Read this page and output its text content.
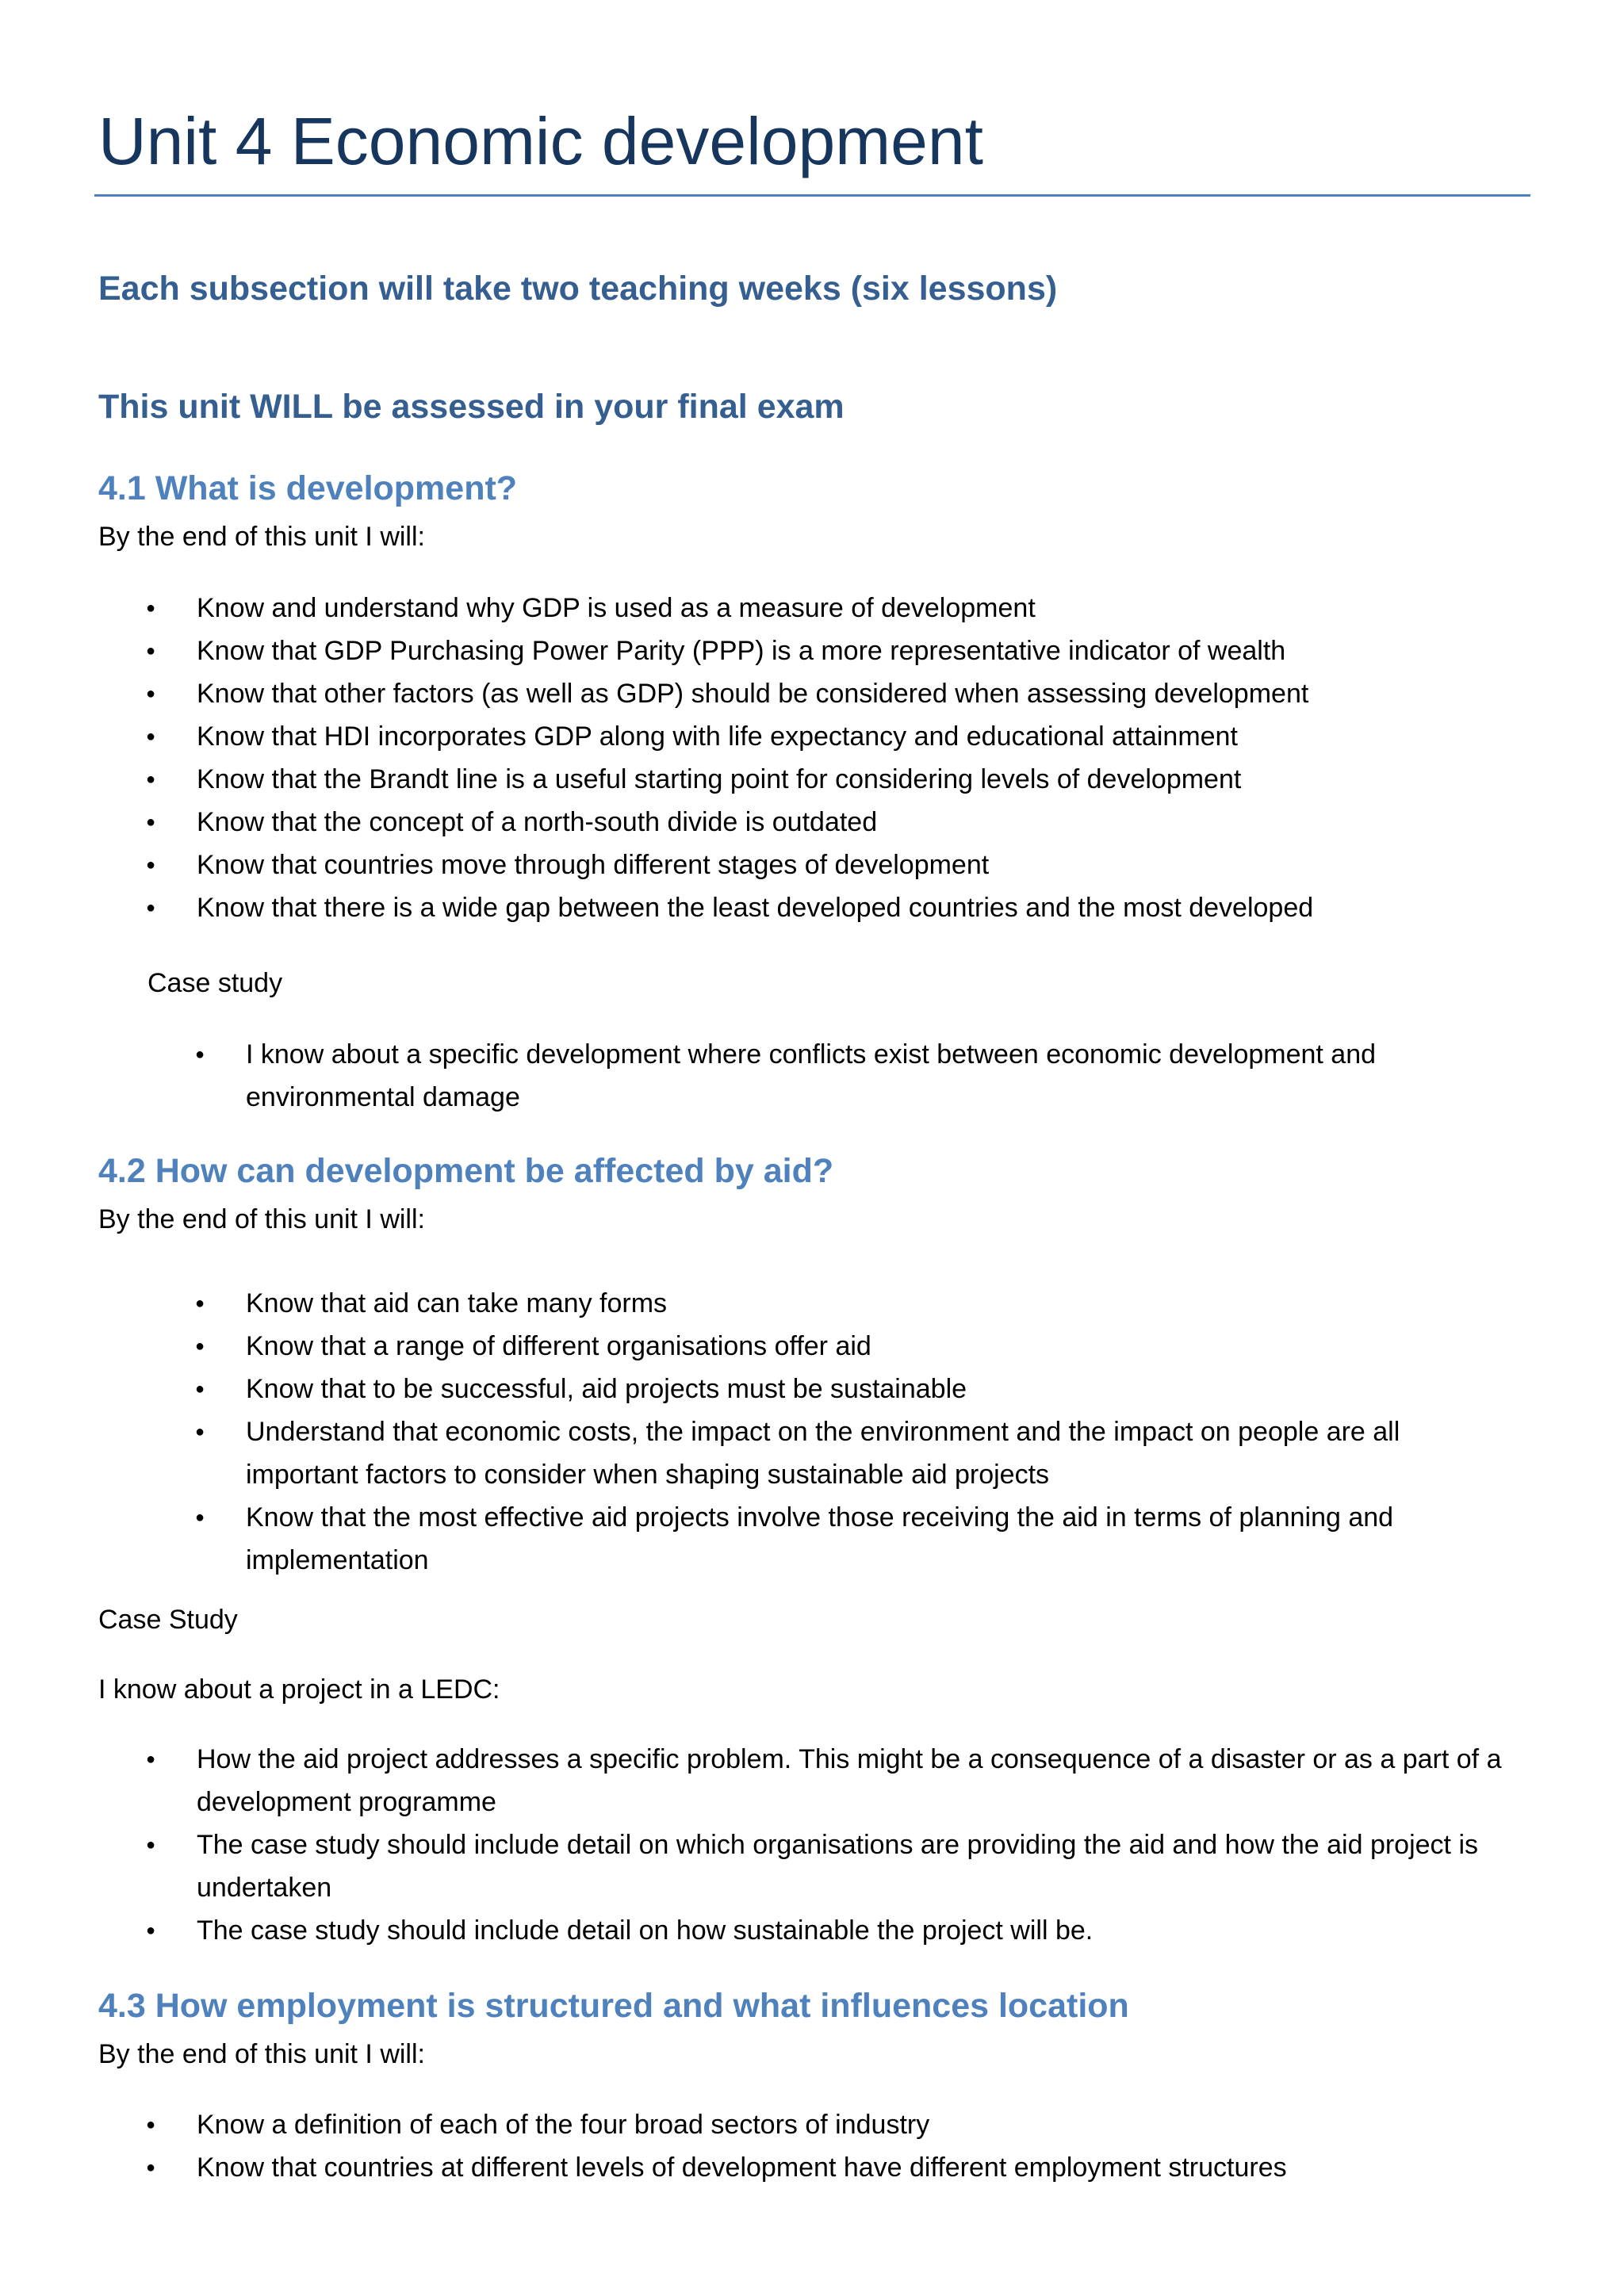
Unit 4 Economic development
Each subsection will take two teaching weeks (six lessons)
This unit WILL be assessed in your final exam
4.1 What is development?

By the end of this unit I will:

● Know and understand why GDP is used as a measure of development
● Know that GDP Purchasing Power Parity (PPP) is a more representative indicator of wealth
● Know that other factors (as well as GDP) should be considered when assessing development
● Know that HDI incorporates GDP along with life expectancy and educational attainment
● Know that the Brandt line is a useful starting point for considering levels of development
● Know that the concept of a north-south divide is outdated
● Know that countries move through different stages of development
● Know that there is a wide gap between the least developed countries and the most developed

Case study

● I know about a specific development where conflicts exist between economic development and environmental damage
4.2 How can development be affected by aid?

By the end of this unit I will:

● Know that aid can take many forms
● Know that a range of different organisations offer aid
● Know that to be successful, aid projects must be sustainable
● Understand that economic costs, the impact on the environment and the impact on people are all important factors to consider when shaping sustainable aid projects
● Know that the most effective aid projects involve those receiving the aid in terms of planning and implementation

Case Study

I know about a project in a LEDC:

● How the aid project addresses a specific problem. This might be a consequence of a disaster or as a part of a development programme
● The case study should include detail on which organisations are providing the aid and how the aid project is undertaken
● The case study should include detail on how sustainable the project will be.
4.3 How employment is structured and what influences location

By the end of this unit I will:

● Know a definition of each of the four broad sectors of industry
● Know that countries at different levels of development have different employment structures
